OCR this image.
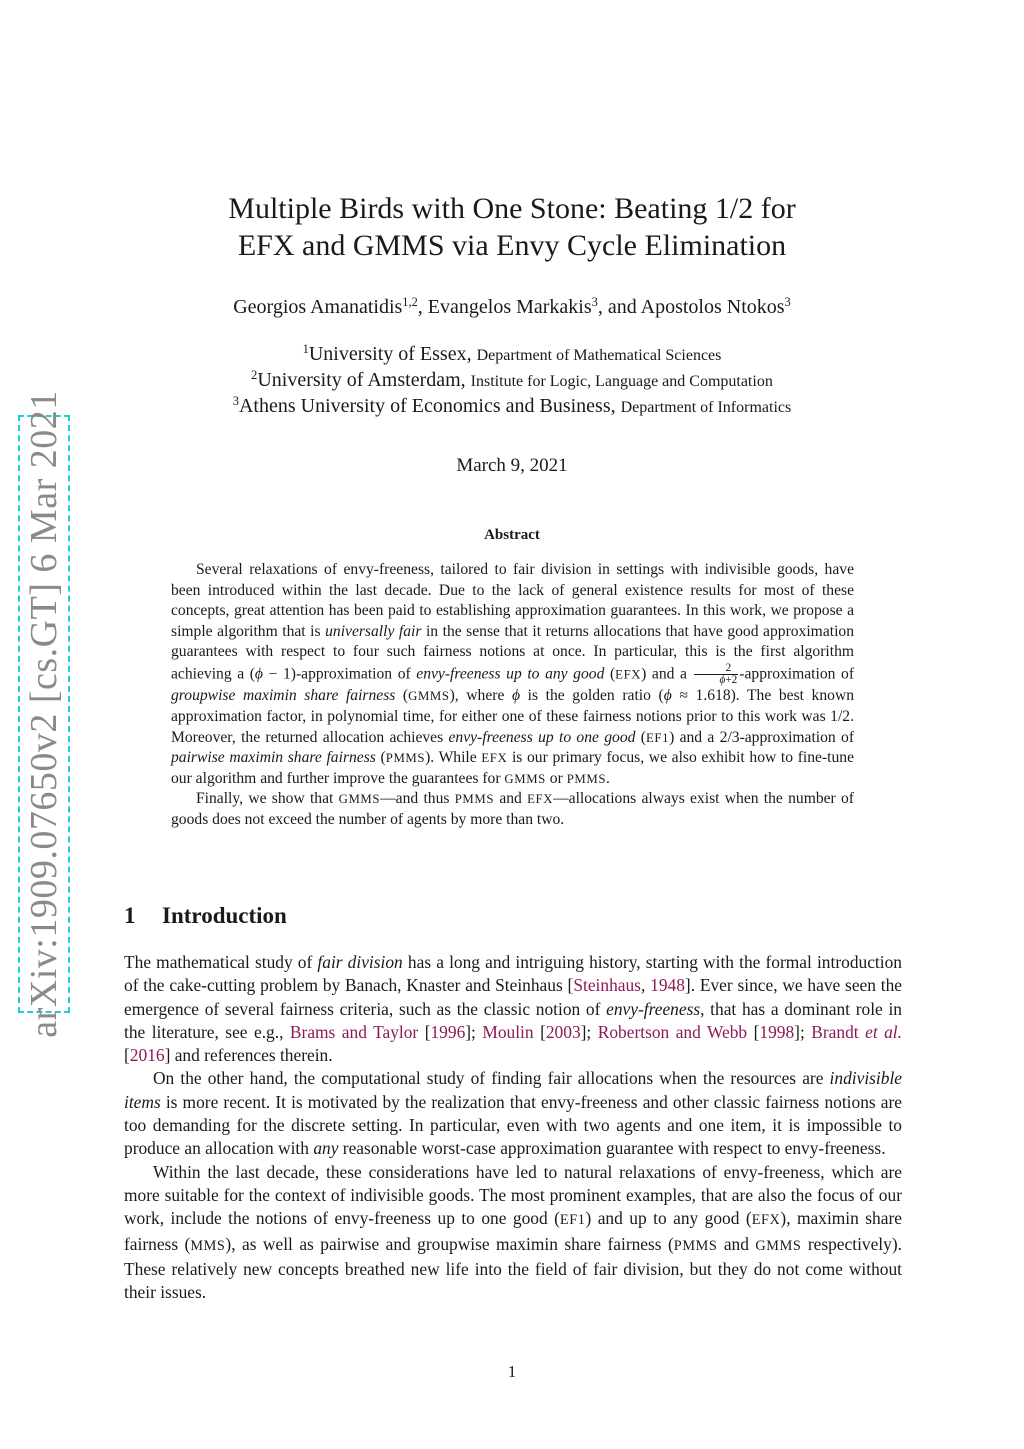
arXiv:1909.07650v2 [cs.GT] 6 Mar 2021
Multiple Birds with One Stone: Beating 1/2 for
EFX and GMMS via Envy Cycle Elimination
Georgios Amanatidis$^{1,2}$, Evangelos Markakis$^3$, and Apostolos Ntokos$^3$
$^1$University of Essex, Department of Mathematical Sciences
$^2$University of Amsterdam, Institute for Logic, Language and Computation
$^3$Athens University of Economics and Business, Department of Informatics
March 9, 2021
Abstract

Several relaxations of envy-freeness, tailored to fair division in settings with indivisible goods, have been introduced within the last decade. Due to the lack of general existence results for most of these concepts, great attention has been paid to establishing approximation guarantees. In this work, we propose a simple algorithm that is universally fair in the sense that it returns allocations that have good approximation guarantees with respect to four such fairness notions at once. In particular, this is the first algorithm achieving a (ϕ − 1)-approximation of envy-freeness up to any good (EFX) and a $\frac{2}{\phi+2}$ -approximation of groupwise maximin share fairness (GMMS), where ϕ is the golden ratio (ϕ ≈ 1.618). The best known approximation factor, in polynomial time, for either one of these fairness notions prior to this work was 1/2. Moreover, the returned allocation achieves envy-freeness up to one good (EF1) and a 2/3-approximation of pairwise maximin share fairness (PMMS). While EFX is our primary focus, we also exhibit how to fine-tune our algorithm and further improve the guarantees for GMMS or PMMS.

Finally, we show that GMMS—and thus PMMS and EFX—allocations always exist when the number of goods does not exceed the number of agents by more than two.

1 Introduction

The mathematical study of fair division has a long and intriguing history, starting with the formal introduction of the cake-cutting problem by Banach, Knaster and Steinhaus [Steinhaus, 1948]. Ever since, we have seen the emergence of several fairness criteria, such as the classic notion of envy-freeness, that has a dominant role in the literature, see e.g., Brams and Taylor [1996]; Moulin [2003]; Robertson and Webb [1998]; Brandt et al. [2016] and references therein.

On the other hand, the computational study of finding fair allocations when the resources are indivisible items is more recent. It is motivated by the realization that envy-freeness and other classic fairness notions are too demanding for the discrete setting. In particular, even with two agents and one item, it is impossible to produce an allocation with any reasonable worst-case approximation guarantee with respect to envy-freeness.

Within the last decade, these considerations have led to natural relaxations of envy-freeness, which are more suitable for the context of indivisible goods. The most prominent examples, that are also the focus of our work, include the notions of envy-freeness up to one good (EF1) and up to any good (EFX), maximin share fairness (MMS), as well as pairwise and groupwise maximin share fairness (PMMS and GMMS respectively). These relatively new concepts breathed new life into the field of fair division, but they do not come without their issues.

1
